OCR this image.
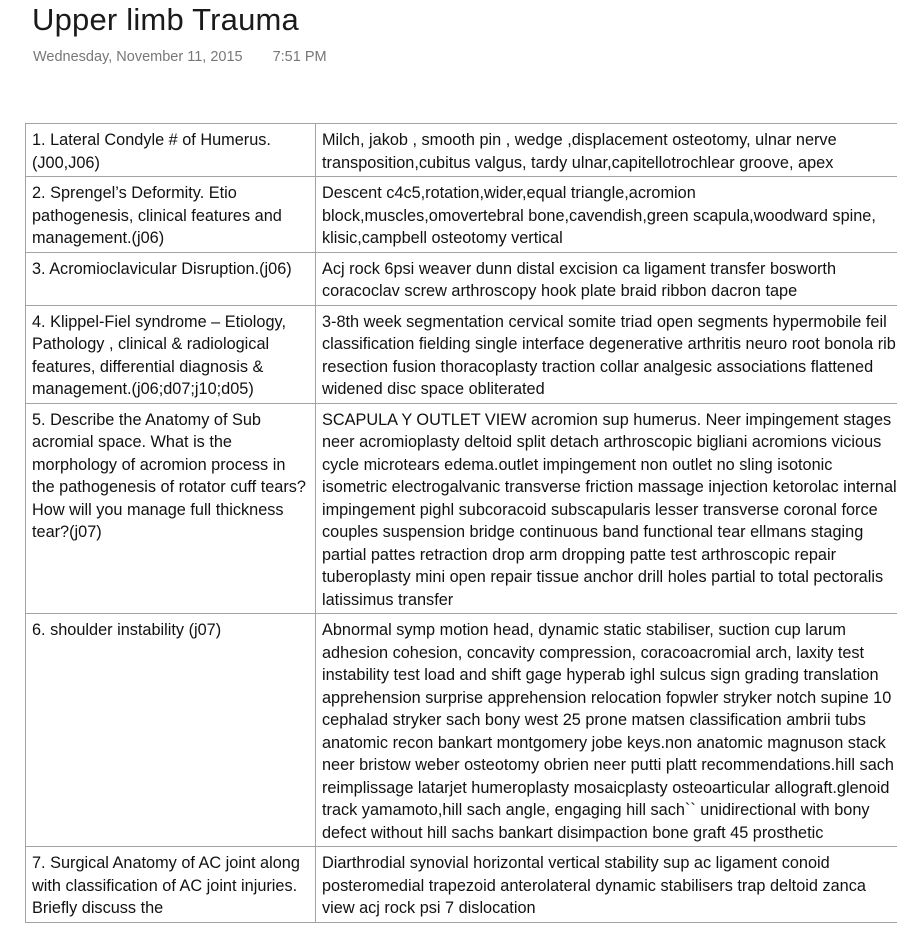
Upper limb Trauma
Wednesday, November 11, 2015 7:51 PM
1. Lateral Condyle # of Humerus.(J00,J06)	Milch, jakob , smooth pin , wedge ,displacement osteotomy, ulnar nerve transposition,cubitus valgus, tardy ulnar,capitellotrochlear groove, apex
2. Sprengel’s Deformity. Etio pathogenesis, clinical features and management.(j06)	Descent c4c5,rotation,wider,equal triangle,acromion block,muscles,omovertebral bone,cavendish,green scapula,woodward spine, klisic,campbell osteotomy vertical
3. Acromioclavicular Disruption.(j06)	Acj rock 6psi weaver dunn distal excision ca ligament transfer bosworth coracoclav screw arthroscopy hook plate braid ribbon dacron tape
4. Klippel-Fiel syndrome – Etiology, Pathology , clinical & radiological features, differential diagnosis & management.(j06;d07;j10;d05)	3-8th week segmentation cervical somite triad open segments hypermobile feil classification fielding single interface degenerative arthritis neuro root bonola rib resection fusion thoracoplasty traction collar analgesic associations flattened widened disc space obliterated
5. Describe the Anatomy of Sub acromial space. What is the morphology of acromion process in the pathogenesis of rotator cuff tears? How will you manage full thickness tear?(j07)	SCAPULA Y OUTLET VIEW acromion sup humerus. Neer impingement stages neer acromioplasty deltoid split detach arthroscopic bigliani acromions vicious cycle microtears edema.outlet impingement non outlet no sling isotonic isometric electrogalvanic transverse friction massage injection ketorolac internal impingement pighl subcoracoid subscapularis lesser transverse coronal force couples suspension bridge continuous band functional tear ellmans staging partial pattes retraction drop arm dropping patte test arthroscopic repair tuberoplasty mini open repair tissue anchor drill holes partial to total pectoralis latissimus transfer
6. shoulder instability (j07)	Abnormal symp motion head, dynamic static stabiliser, suction cup larum adhesion cohesion, concavity compression, coracoacromial arch, laxity test instability test load and shift gage hyperab ighl sulcus sign grading translation apprehension surprise apprehension relocation fopwler stryker notch supine 10 cephalad stryker sach bony west 25 prone matsen classification ambrii tubs anatomic recon bankart montgomery jobe keys.non anatomic magnuson stack neer bristow weber osteotomy obrien neer putti platt recommendations.hill sach reimplissage latarjet humeroplasty mosaicplasty osteoarticular allograft.glenoid track yamamoto,hill sach angle, engaging hill sach`` unidirectional with bony defect without hill sachs bankart disimpaction bone graft 45 prosthetic
7. Surgical Anatomy of AC joint along with classification of AC joint injuries. Briefly discuss the	Diarthrodial synovial horizontal vertical stability sup ac ligament conoid posteromedial trapezoid anterolateral dynamic stabilisers trap deltoid zanca view acj rock psi 7 dislocation
